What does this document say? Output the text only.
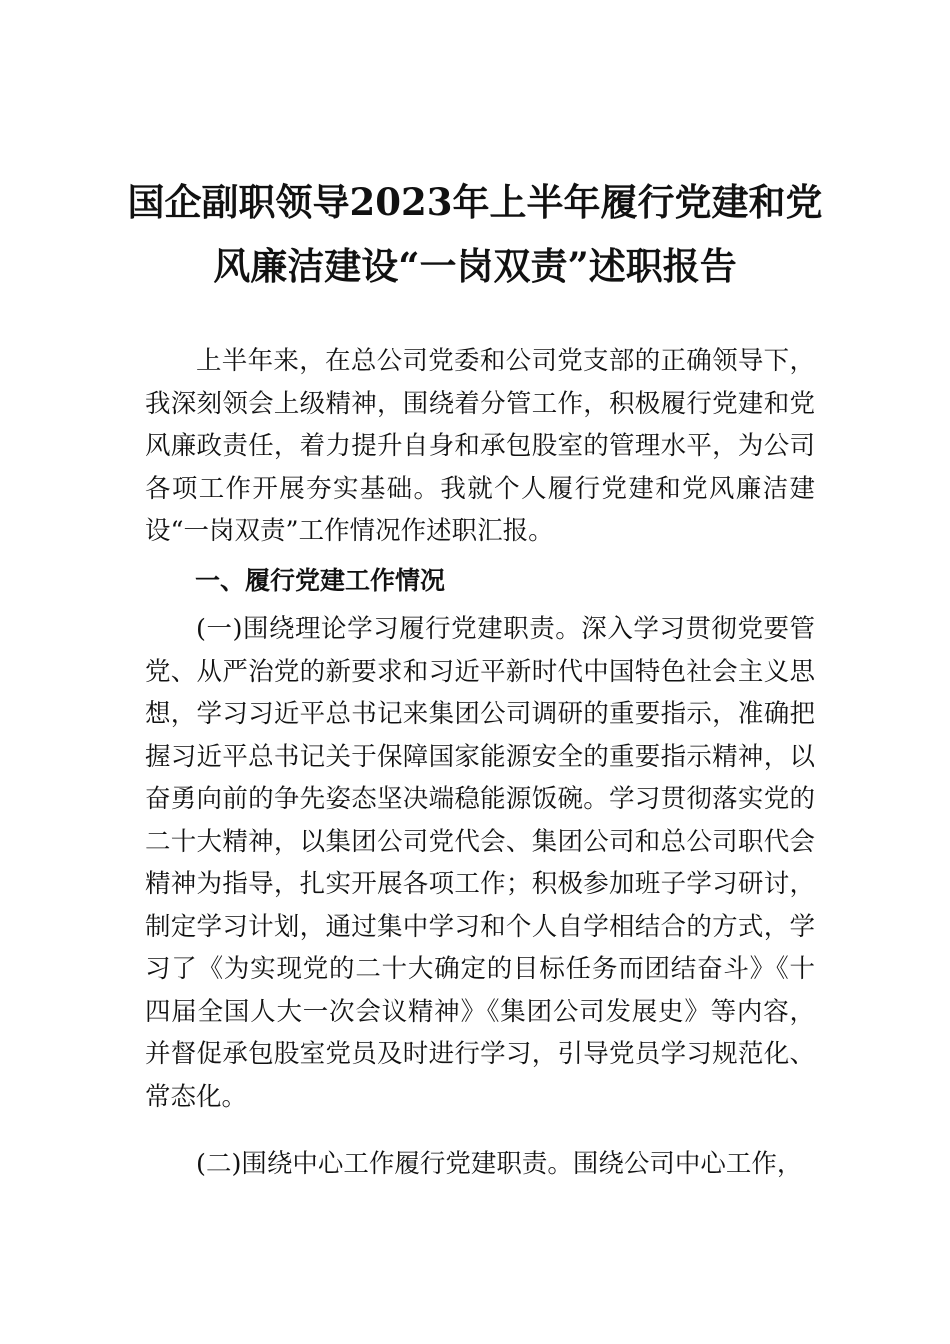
国企副职领导2023年上半年履行党建和党
风廉洁建设“一岗双责”述职报告

上半年来，在总公司党委和公司党支部的正确领导下，我深刻领会上级精神，围绕着分管工作，积极履行党建和党风廉政责任，着力提升自身和承包股室的管理水平，为公司各项工作开展夯实基础。我就个人履行党建和党风廉洁建设“一岗双责”工作情况作述职汇报。

一、履行党建工作情况

(一)围绕理论学习履行党建职责。深入学习贯彻党要管党、从严治党的新要求和习近平新时代中国特色社会主义思想，学习习近平总书记来集团公司调研的重要指示，准确把握习近平总书记关于保障国家能源安全的重要指示精神，以奋勇向前的争先姿态坚决端稳能源饭碗。学习贯彻落实党的二十大精神，以集团公司党代会、集团公司和总公司职代会精神为指导，扎实开展各项工作；积极参加班子学习研讨，制定学习计划，通过集中学习和个人自学相结合的方式，学习了《为实现党的二十大确定的目标任务而团结奋斗》《十四届全国人大一次会议精神》《集团公司发展史》等内容，并督促承包股室党员及时进行学习，引导党员学习规范化、常态化。

(二)围绕中心工作履行党建职责。围绕公司中心工作，
